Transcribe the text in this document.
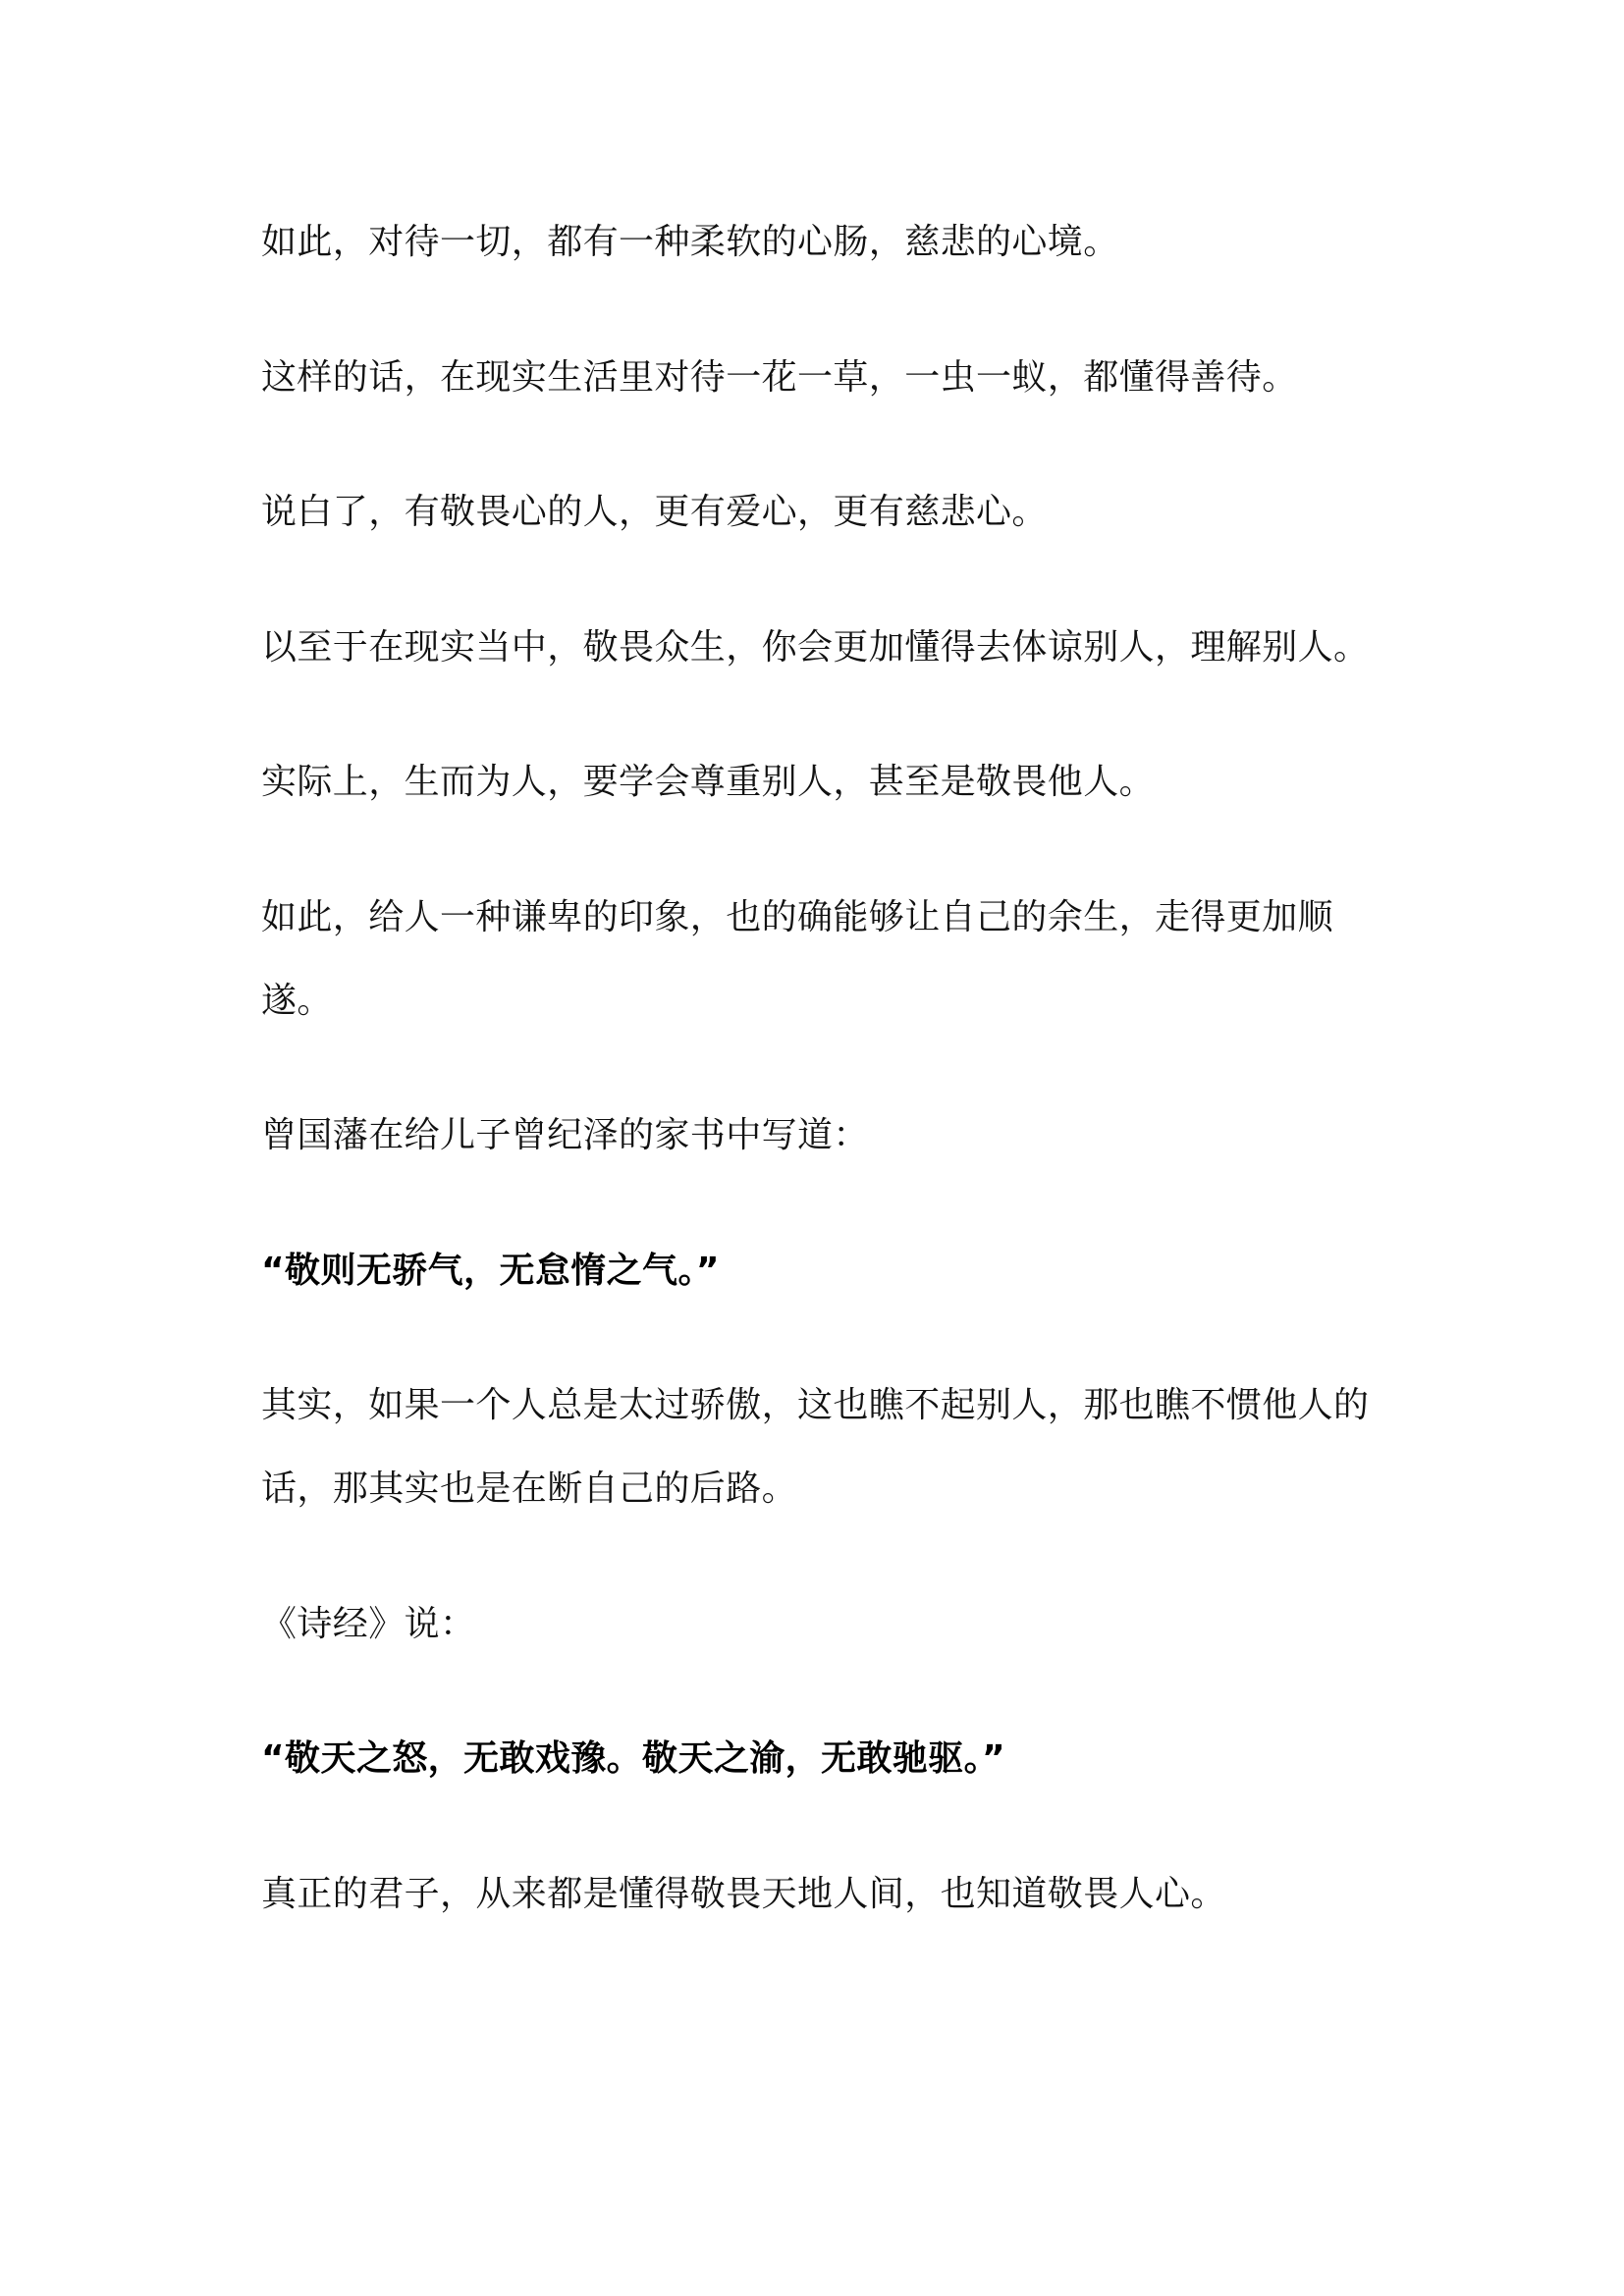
如此，对待一切，都有一种柔软的心肠，慈悲的心境。

这样的话，在现实生活里对待一花一草，一虫一蚁，都懂得善待。

说白了，有敬畏心的人，更有爱心，更有慈悲心。

以至于在现实当中，敬畏众生，你会更加懂得去体谅别人，理解别人。

实际上，生而为人，要学会尊重别人，甚至是敬畏他人。

如此，给人一种谦卑的印象，也的确能够让自己的余生，走得更加顺遂。

曾国藩在给儿子曾纪泽的家书中写道：

“敬则无骄气，无怠惰之气。”

其实，如果一个人总是太过骄傲，这也瞧不起别人，那也瞧不惯他人的话，那其实也是在断自己的后路。

《诗经》说：

“敬天之怒，无敢戏豫。敬天之渝，无敢驰驱。”

真正的君子，从来都是懂得敬畏天地人间，也知道敬畏人心。
